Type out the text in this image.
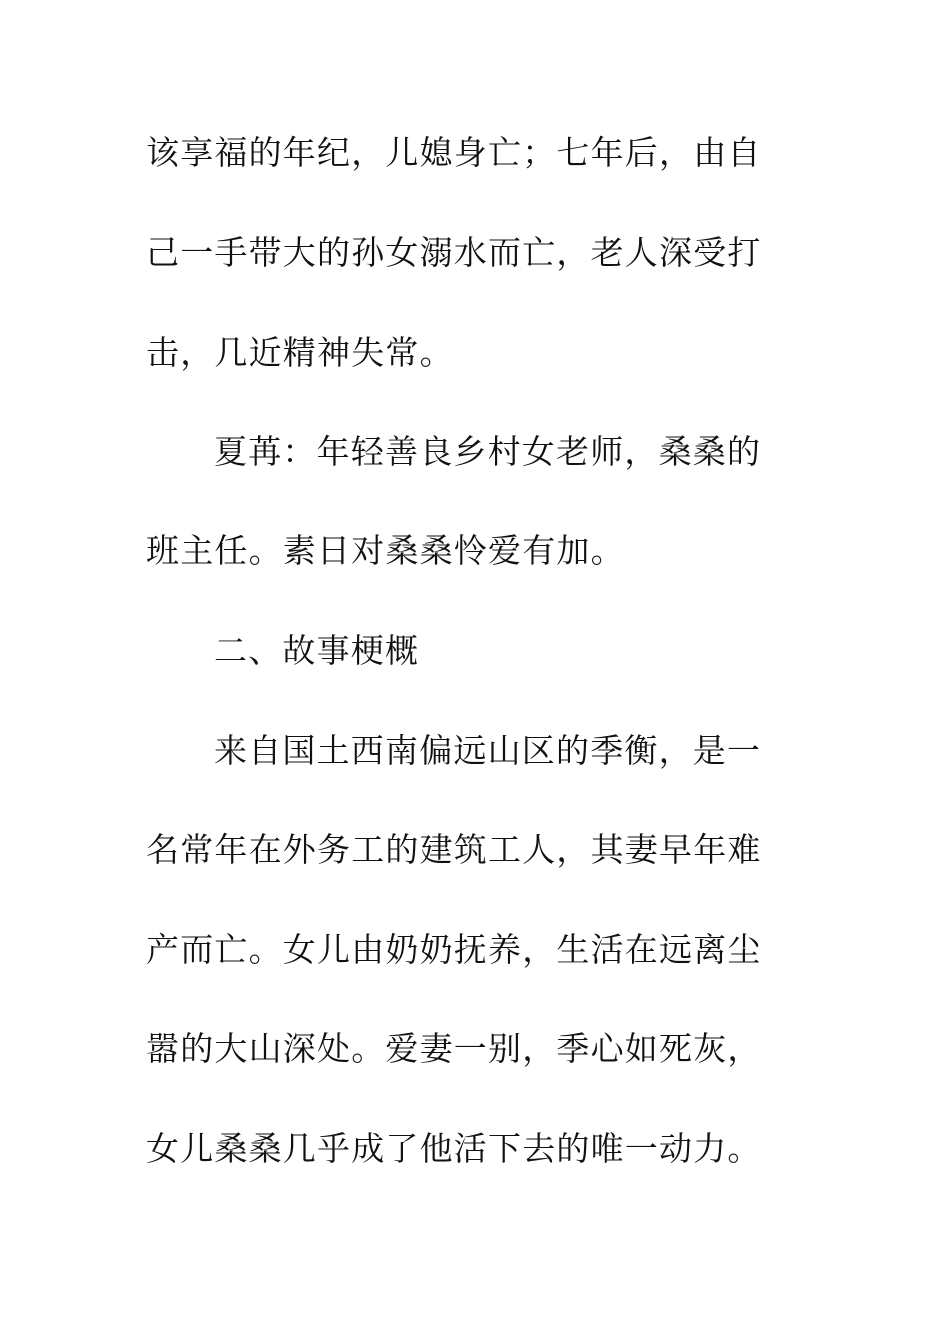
该享福的年纪，儿媳身亡；七年后，由自
己一手带大的孙女溺水而亡，老人深受打
击，几近精神失常。
夏苒：年轻善良乡村女老师，桑桑的
班主任。素日对桑桑怜爱有加。
二、故事梗概
来自国土西南偏远山区的季衡，是一
名常年在外务工的建筑工人，其妻早年难
产而亡。女儿由奶奶抚养，生活在远离尘
嚣的大山深处。爱妻一别，季心如死灰，
女儿桑桑几乎成了他活下去的唯一动力。
